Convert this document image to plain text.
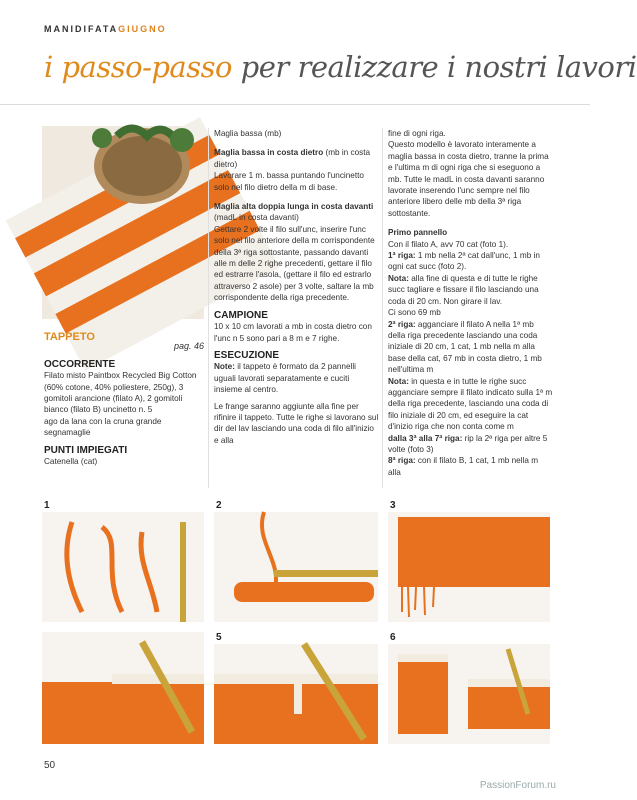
MANIDIFATAGIUGNO
i passo-passo per realizzare i nostri lavori
TAPPETO
pag. 46
OCCORRENTE

Filato misto Paintbox Recycled Big Cotton (60% cotone, 40% poliestere, 250g), 3 gomitoli arancione (filato A), 2 gomitoli bianco (filato B) uncinetto n. 5

ago da lana con la cruna grande

segnamaglie

PUNTI IMPIEGATI

Catenella (cat)

Maglia bassa (mb)

Maglia bassa in costa dietro (mb in costa dietro)

Lavorare 1 m. bassa puntando l'uncinetto solo nel filo dietro della m di base.

Maglia alta doppia lunga in costa davanti (madL in costa davanti)

Gettare 2 volte il filo sull'unc, inserire l'unc solo nel filo anteriore della m corrispondente della 3ª riga sottostante, passando davanti alle m delle 2 righe precedenti, gettare il filo ed estrarre l'asola, (gettare il filo ed estrarlo attraverso 2 asole) per 3 volte, saltare la mb corrispondente della riga precedente.

CAMPIONE

10 x 10 cm lavorati a mb in costa dietro con l'unc n 5 sono pari a 8 m e 7 righe.

ESECUZIONE

Note: il tappeto è formato da 2 pannelli uguali lavorati separatamente e cuciti insieme al centro.

Le frange saranno aggiunte alla fine per rifinire il tappeto. Tutte le righe si lavorano sul dir del lav lasciando una coda di filo all'inizio e alla

fine di ogni riga.

Questo modello è lavorato interamente a maglia bassa in costa dietro, tranne la prima e l'ultima m di ogni riga che si eseguono a mb. Tutte le madL in costa davanti saranno lavorate inserendo l'unc sempre nel filo anteriore libero delle mb della 3ª riga sottostante.

Primo pannello

Con il filato A, avv 70 cat (foto 1).

1ª riga: 1 mb nella 2ª cat dall'unc, 1 mb in ogni cat succ (foto 2).

Nota: alla fine di questa e di tutte le righe succ tagliare e fissare il filo lasciando una coda di 20 cm. Non girare il lav.

Ci sono 69 mb

2ª riga: agganciare il filato A nella 1ª mb della riga precedente lasciando una coda iniziale di 20 cm, 1 cat, 1 mb nella m alla base della cat, 67 mb in costa dietro, 1 mb nell'ultima m

Nota: in questa e in tutte le righe succ agganciare sempre il filato indicato sulla 1ª m della riga precedente, lasciando una coda di filo iniziale di 20 cm, ed eseguire la cat d'inizio riga che non conta come m

dalla 3ª alla 7ª riga: rip la 2ª riga per altre 5 volte (foto 3)

8ª riga: con il filato B, 1 cat, 1 mb nella m alla

1	2	3
5	6
50
PassionForum.ru
